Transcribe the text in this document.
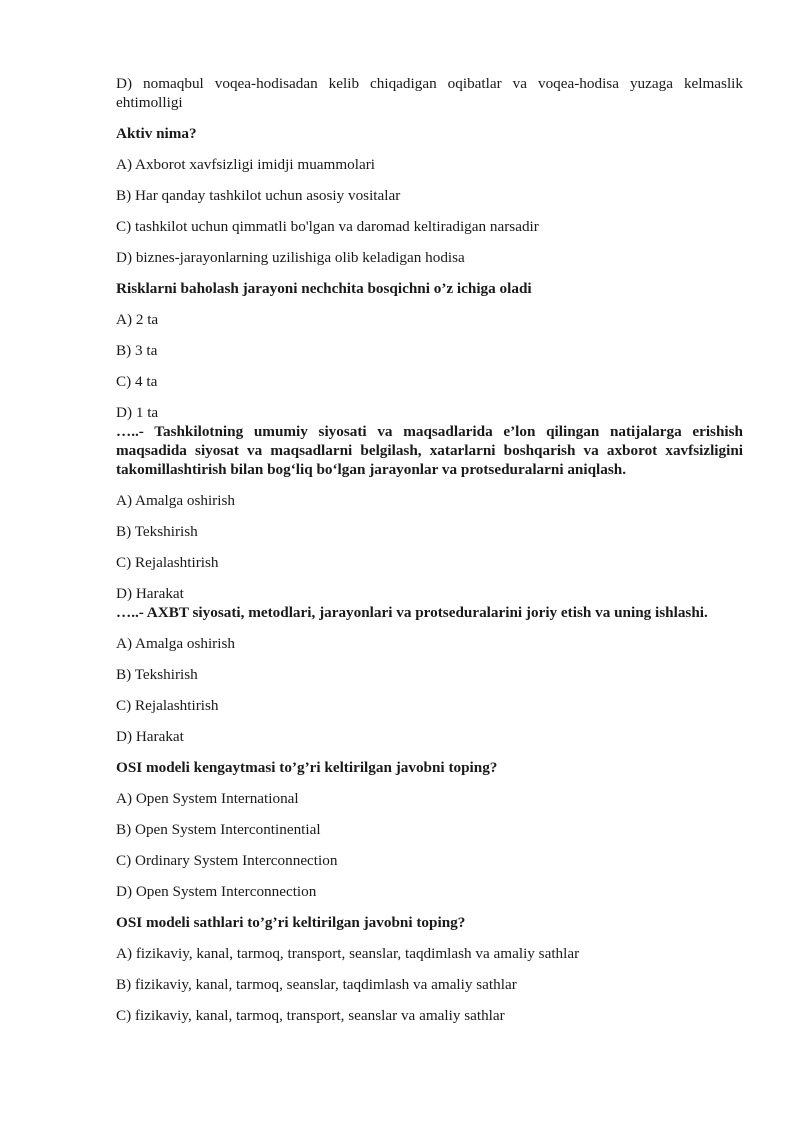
D) nomaqbul voqea-hodisadan kelib chiqadigan oqibatlar va voqea-hodisa yuzaga kelmaslik ehtimolligi

Aktiv nima?

A) Axborot xavfsizligi imidji muammolari

B) Har qanday tashkilot uchun asosiy vositalar

C) tashkilot uchun qimmatli bo'lgan va daromad keltiradigan narsadir

D) biznes-jarayonlarning uzilishiga olib keladigan hodisa

Risklarni baholash jarayoni nechchita bosqichni o’z ichiga oladi

A) 2 ta

B) 3 ta

C) 4 ta

D) 1 ta

…..- Tashkilotning umumiy siyosati va maqsadlarida e’lon qilingan natijalarga erishish maqsadida siyosat va maqsadlarni belgilash, xatarlarni boshqarish va axborot xavfsizligini takomillashtirish bilan bog‘liq bo‘lgan jarayonlar va protseduralarni aniqlash.

A) Amalga oshirish

B) Tekshirish

C) Rejalashtirish

D) Harakat

…..- AXBT siyosati, metodlari, jarayonlari va protseduralarini joriy etish va uning ishlashi.

A) Amalga oshirish

B) Tekshirish

C) Rejalashtirish

D) Harakat

OSI modeli kengaytmasi to’g’ri keltirilgan javobni toping?

A) Open System International

B) Open System Intercontinential

C) Ordinary System Interconnection

D) Open System Interconnection

OSI modeli sathlari to’g’ri keltirilgan javobni toping?

A) fizikaviy, kanal, tarmoq, transport, seanslar, taqdimlash va amaliy sathlar

B) fizikaviy, kanal, tarmoq, seanslar, taqdimlash va amaliy sathlar

C) fizikaviy, kanal, tarmoq, transport, seanslar va amaliy sathlar
